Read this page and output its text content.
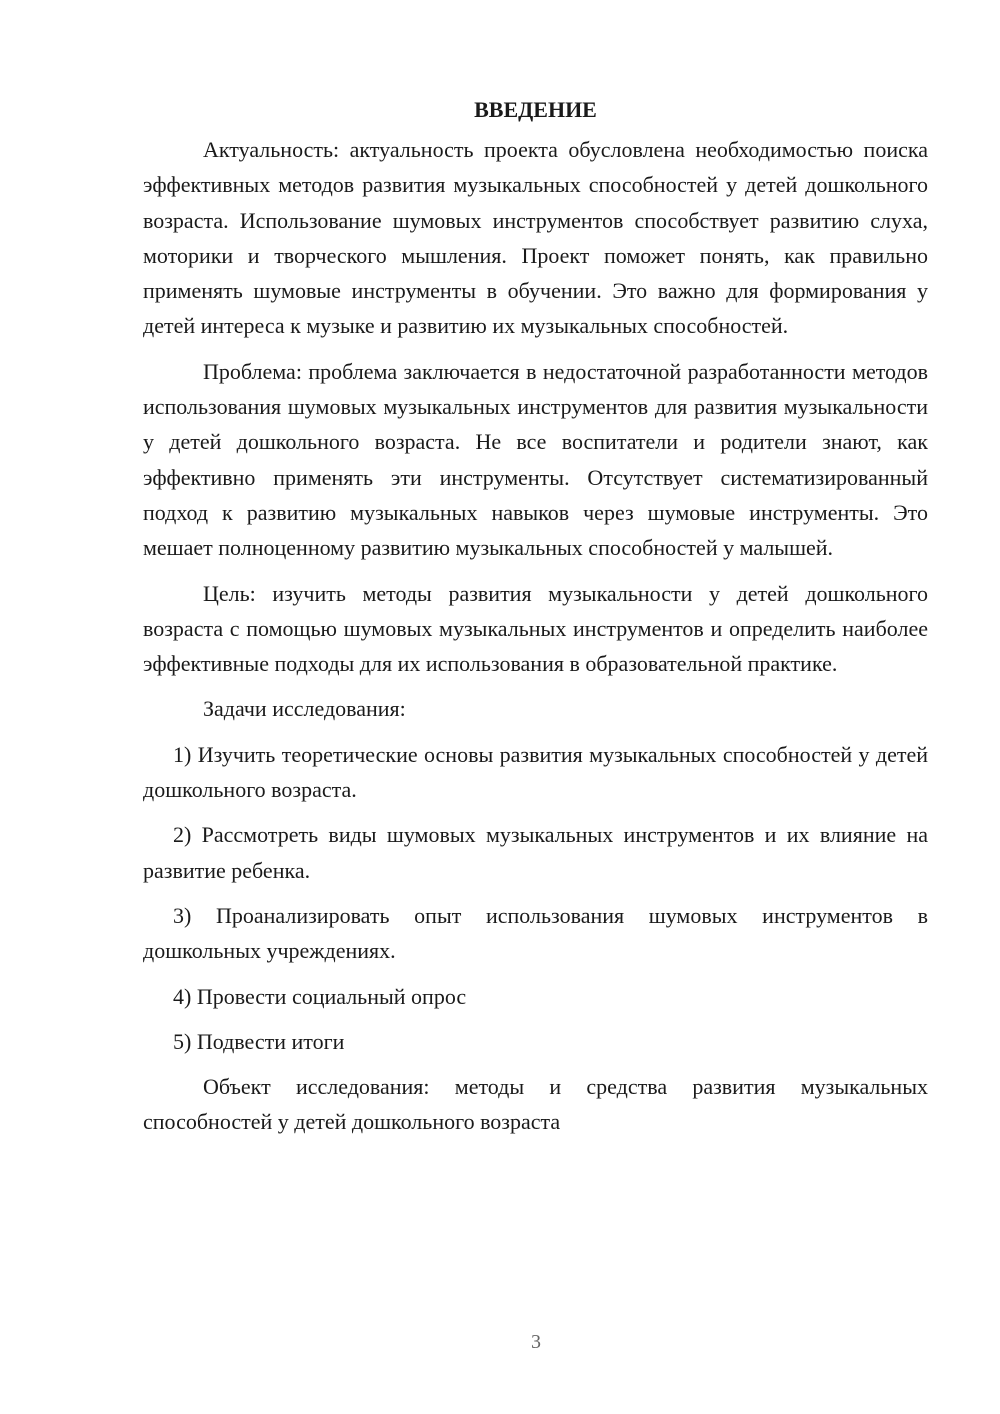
ВВЕДЕНИЕ

Актуальность: актуальность проекта обусловлена необходимостью поиска эффективных методов развития музыкальных способностей у детей дошкольного возраста. Использование шумовых инструментов способствует развитию слуха, моторики и творческого мышления. Проект поможет понять, как правильно применять шумовые инструменты в обучении. Это важно для формирования у детей интереса к музыке и развитию их музыкальных способностей.

Проблема: проблема заключается в недостаточной разработанности методов использования шумовых музыкальных инструментов для развития музыкальности у детей дошкольного возраста. Не все воспитатели и родители знают, как эффективно применять эти инструменты. Отсутствует систематизированный подход к развитию музыкальных навыков через шумовые инструменты. Это мешает полноценному развитию музыкальных способностей у малышей.

Цель: изучить методы развития музыкальности у детей дошкольного возраста с помощью шумовых музыкальных инструментов и определить наиболее эффективные подходы для их использования в образовательной практике.

Задачи исследования:

1) Изучить теоретические основы развития музыкальных способностей у детей дошкольного возраста.

2) Рассмотреть виды шумовых музыкальных инструментов и их влияние на развитие ребенка.

3) Проанализировать опыт использования шумовых инструментов в дошкольных учреждениях.

4) Провести социальный опрос

5) Подвести итоги

Объект исследования: методы и средства развития музыкальных способностей у детей дошкольного возраста

3
